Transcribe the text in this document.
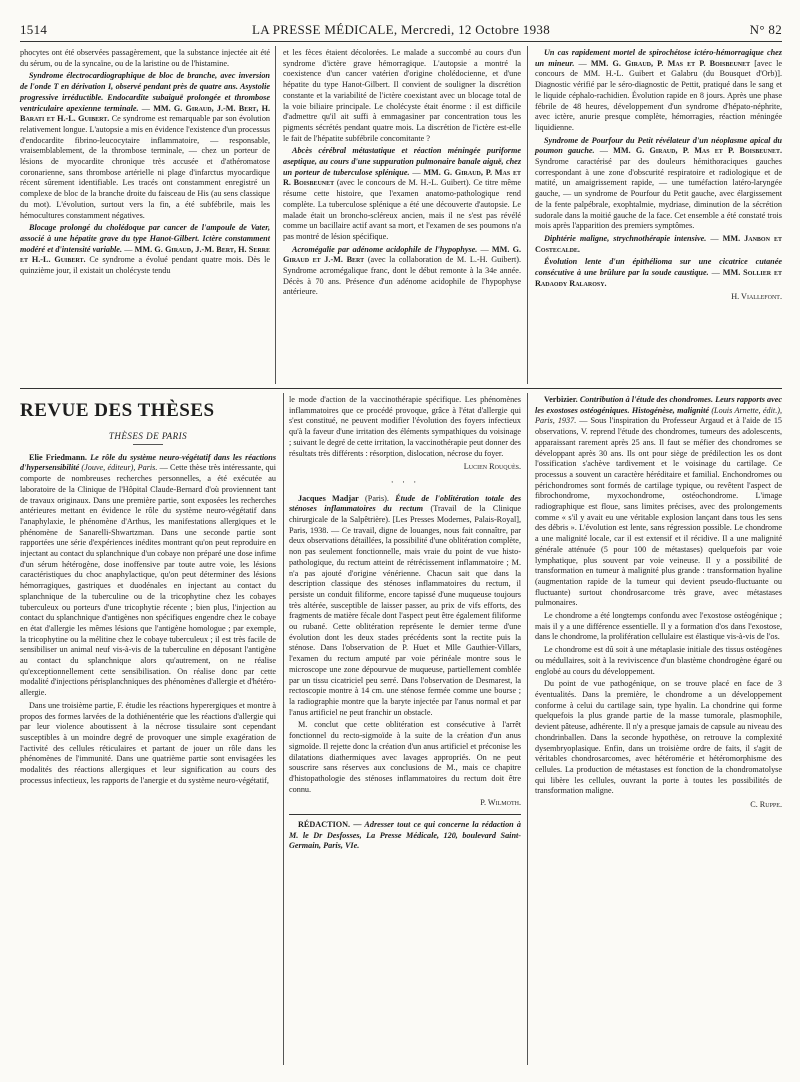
1514	LA PRESSE MÉDICALE, Mercredi, 12 Octobre 1938	N° 82

phocytes ont été observées passagèrement, que la substance injectée ait été du sérum, ou de la syncaïne, ou de la laristine ou de l'histamine.

Syndrome électrocardiographique de bloc de branche, avec inversion de l'onde T en dérivation I, observé pendant près de quatre ans. Asystolie progressive irréductible. Endocardite subaiguë prolongée et thrombose ventriculaire apexienne terminale. — MM. G. Giraud, J.-M. Bert, H. Barati et H.-L. Guibert. Ce syndrome est remarquable par son évolution relativement longue. L'autopsie a mis en évidence l'existence d'un processus d'endocardite fibrino-leucocytaire inflammatoire, — responsable, vraisemblablement, de la thrombose terminale, — chez un porteur de lésions de myocardite chronique très accusée et d'athéromatose coronarienne, sans thrombose artérielle ni plage d'infarctus myocardique récent sûrement identifiable. Les tracés ont constamment enregistré un complexe de bloc de la branche droite du faisceau de His (au sens classique du mot). L'évolution, surtout vers la fin, a été subfébrile, mais les hémocultures constamment négatives.

Blocage prolongé du cholédoque par cancer de l'ampoule de Vater, associé à une hépatite grave du type Hanot-Gilbert. Ictère constamment modéré et d'intensité variable. — MM. G. Giraud, J.-M. Bert, H. Serre et H.-L. Guibert. Ce syndrome a évolué pendant quatre mois. Dès le quinzième jour, il existait un cholécyste tendu

et les fèces étaient décolorées. Le malade a succombé au cours d'un syndrome d'ictère grave hémorragique. L'autopsie a montré la coexistence d'un cancer vatérien d'origine cholédocienne, et d'une hépatite du type Hanot-Gilbert. Il convient de souligner la discrétion constante et la variabilité de l'ictère coexistant avec un blocage total de la voie biliaire principale. Le cholécyste était énorme : il est difficile d'admettre qu'il ait suffi à emmagasiner par concentration tous les pigments sécrétés pendant quatre mois. La discrétion de l'ictère est-elle le fait de l'hépatite subfébrile concomitante ?

Abcès cérébral métastatique et réaction méningée puriforme aseptique, au cours d'une suppuration pulmonaire banale aiguë, chez un porteur de tuberculose splénique. — MM. G. Giraud, P. Mas et R. Boisbeunet (avec le concours de M. H.-L. Guibert). Ce titre même résume cette histoire, que l'examen anatomo-pathologique rend complète. La tuberculose splénique a été une découverte d'autopsie. Le malade était un broncho-scléreux ancien, mais il ne s'est pas révélé comme un bacillaire actif avant sa mort, et l'examen de ses poumons n'a pas montré de lésion spécifique.

Acromégalie par adénome acidophile de l'hypophyse. — MM. G. Giraud et J.-M. Bert (avec la collaboration de M. L.-H. Guibert). Syndrome acromégalique franc, dont le début remonte à la 34e année. Décès à 70 ans. Présence d'un adénome acidophile de l'hypophyse antérieure.

Un cas rapidement mortel de spirochétose ictéro-hémorragique chez un mineur. — MM. G. Giraud, P. Mas et P. Boisbeunet [avec le concours de MM. H.-L. Guibert et Galabru (du Bousquet d'Orb)]. Diagnostic vérifié par le séro-diagnostic de Pettit, pratiqué dans le sang et le liquide céphalo-rachidien. Évolution rapide en 8 jours. Après une phase fébrile de 48 heures, développement d'un syndrome d'hépato-néphrite, avec ictère, anurie presque complète, hémorragies, réaction méningée liquidienne.

Syndrome de Pourfour du Petit révélateur d'un néoplasme apical du poumon gauche. — MM. G. Giraud, P. Mas et P. Boisbeunet. Syndrome caractérisé par des douleurs hémithoraciques gauches correspondant à une zone d'obscurité respiratoire et radiologique et de matité, un amaigrissement rapide, — une tuméfaction latéro-laryngée gauche, — un syndrome de Pourfour du Petit gauche, avec élargissement de la fente palpébrale, exophtalmie, mydriase, diminution de la sécrétion sudorale dans la moitié gauche de la face. Cet ensemble a été constaté trois mois après l'apparition des premiers symptômes.

Diphtérie maligne, strychnothérapie intensive. — MM. Janbon et Costecalde.

Évolution lente d'un épithélioma sur une cicatrice cutanée consécutive à une brûlure par la soude caustique. — MM. Sollier et Radaody Ralarosy.

H. Viallefont.
REVUE DES THÈSES
THÈSES DE PARIS

Elie Friedmann. Le rôle du système neuro-végétatif dans les réactions d'hypersensibilité (Jouve, éditeur), Paris. — Cette thèse très intéressante, qui comporte de nombreuses recherches personnelles, a été exécutée au laboratoire de la Clinique de l'Hôpital Claude-Bernard d'où proviennent tant de travaux originaux. Dans une première partie, sont exposées les recherches antérieures mettant en évidence le rôle du système neuro-végétatif dans l'anaphylaxie, le phénomène d'Arthus, les manifestations allergiques et le phénomène de Sanarelli-Shwartzman. Dans une seconde partie sont rapportées une série d'expériences inédites montrant qu'on peut reproduire en injectant au contact du splanchnique d'un cobaye non préparé une dose infime d'un sérum hétérogène, dose inoffensive par toute autre voie, les lésions caractéristiques du choc anaphylactique, qu'on peut déterminer des lésions hémorragiques, gastriques et duodénales en injectant au contact du splanchnique de la tuberculine ou de la tricophytine chez les cobayes tuberculeux ou porteurs d'une tricophytie récente ; bien plus, l'injection au contact du splanchnique d'antigènes non spécifiques engendre chez le cobaye en état d'allergie les mêmes lésions que l'antigène homologue ; par exemple, la tricophytine ou la mélitine chez le cobaye tuberculeux ; il est très facile de sensibiliser un animal neuf vis-à-vis de la tuberculine en déposant l'antigène au contact du splanchnique alors qu'autrement, on ne réalise qu'exceptionnellement cette sensibilisation. On réalise donc par cette modalité d'injections périsplanchniques des phénomènes d'allergie et d'hétéro-allergie.

Dans une troisième partie, F. étudie les réactions hyperergiques et montre à propos des formes larvées de la dothiénentérie que les réactions d'allergie qui par leur violence aboutissent à la nécrose tissulaire sont cependant susceptibles à un moindre degré de provoquer une simple exagération de l'activité des cellules réticulaires et partant de jouer un rôle dans les phénomènes de l'immunité. Dans une quatrième partie sont envisagées les modalités des réactions allergiques et leur signification au cours des processus infectieux, les rapports de l'anergie et du système neuro-végétatif,

le mode d'action de la vaccinothérapie spécifique. Les phénomènes inflammatoires que ce procédé provoque, grâce à l'état d'allergie qui s'est constitué, ne peuvent modifier l'évolution des foyers infectieux qu'à la faveur d'une irritation des éléments sympathiques du voisinage ; suivant le degré de cette irritation, la vaccinothérapie peut donner des résultats très différents : résorption, dislocation, nécrose du foyer.

Lucien Rouquès.
· · ·

Jacques Madjar (Paris). Étude de l'oblitération totale des sténoses inflammatoires du rectum (Travail de la Clinique chirurgicale de la Salpêtrière). [Les Presses Modernes, Palais-Royal], Paris, 1938. — Ce travail, digne de louanges, nous fait connaître, par deux observations détaillées, la possibilité d'une oblitération complète, non pas seulement fonctionnelle, mais vraie du point de vue histo-pathologique, du rectum atteint de rétrécissement inflammatoire ; M. n'a pas ajouté d'origine vénérienne. Chacun sait que dans la description classique des sténoses inflammatoires du rectum, il persiste un conduit filiforme, encore tapissé d'une muqueuse toujours très altérée, susceptible de laisser passer, au prix de vifs efforts, des fragments de matière fécale dont l'aspect peut être également filiforme ou rubané. Cette oblitération représente le dernier terme d'une évolution dont les deux stades précédents sont la rectite puis la sténose. Dans l'observation de P. Huet et Mlle Gauthier-Villars, l'examen du rectum amputé par voie périnéale montre sous le microscope une zone dépourvue de muqueuse, partiellement comblée par un tissu cicatriciel peu serré. Dans l'observation de Desmarest, la rectoscopie montre à 14 cm. une sténose fermée comme une bourse ; la radiographie montre que la baryte injectée par l'anus normal et par l'anus artificiel ne peut franchir un obstacle.

M. conclut que cette oblitération est consécutive à l'arrêt fonctionnel du recto-sigmoïde à la suite de la création d'un anus sigmoïde. Il rejette donc la création d'un anus artificiel et préconise les dilatations diathermiques avec lavages appropriés. On ne peut souscrire sans réserves aux conclusions de M., mais ce chapitre d'histopathologie des sténoses inflammatoires du rectum doit être connu.

P. Wilmoth.

RÉDACTION. — Adresser tout ce qui concerne la rédaction à M. le Dr Desfosses, La Presse Médicale, 120, boulevard Saint-Germain, Paris, VIe.

Verbizier. Contribution à l'étude des chondromes. Leurs rapports avec les exostoses ostéogéniques. Histogénèse, malignité (Louis Arnette, édit.), Paris, 1937. — Sous l'inspiration du Professeur Argaud et à l'aide de 15 observations, V. reprend l'étude des chondromes, tumeurs des adolescents, apparaissant rarement après 25 ans. Il faut se méfier des chondromes se développant après 30 ans. Ils ont pour siège de prédilection les os dont l'ossification s'achève tardivement et le voisinage du cartilage. Ce processus a souvent un caractère héréditaire et familial. Enchondromes ou périchondromes sont formés de cartilage typique, ou revêtent l'aspect de fibrochondrome, myxochondrome, ostéochondrome. L'image radiographique est floue, sans limites précises, avec des prolongements comme « s'il y avait eu une véritable explosion lançant dans tous les sens des débris ». L'évolution est lente, sans régression possible. Le chondrome a une malignité locale, car il est extensif et il récidive. Il a une malignité générale atténuée (5 pour 100 de métastases) quelquefois par voie lymphatique, plus souvent par voie veineuse. Il y a possibilité de transformation en tumeur à malignité plus grande : transformation hyaline (augmentation rapide de la tumeur qui devient pseudo-fluctuante ou fluctuante) surtout chondrosarcome très grave, avec métastases pulmonaires.

Le chondrome a été longtemps confondu avec l'exostose ostéogénique ; mais il y a une différence essentielle. Il y a formation d'os dans l'exostose, dans le chondrome, la prolifération cellulaire est élastique vis-à-vis de l'os.

Le chondrome est dû soit à une métaplasie initiale des tissus ostéogènes ou médullaires, soit à la reviviscence d'un blastème chondrogène égaré ou englobé au cours du développement.

Du point de vue pathogénique, on se trouve placé en face de 3 éventualités. Dans la première, le chondrome a un développement conforme à celui du cartilage sain, type hyalin. La chondrine qui forme quelquefois la plus grande partie de la masse tumorale, plasmophile, devient pâteuse, adhérente. Il n'y a presque jamais de capsule au niveau des chondrinballen. Dans la seconde hypothèse, on retrouve la complexité dysembryoplasique. Enfin, dans un troisième ordre de faits, il s'agit de véritables chondrosarcomes, avec hétéromérie et hétéromorphisme des cellules. La production de métastases est fonction de la chondromatolyse qui libère les cellules, ouvrant la porte à toutes les possibilités de transformation maligne.

C. Ruppe.
